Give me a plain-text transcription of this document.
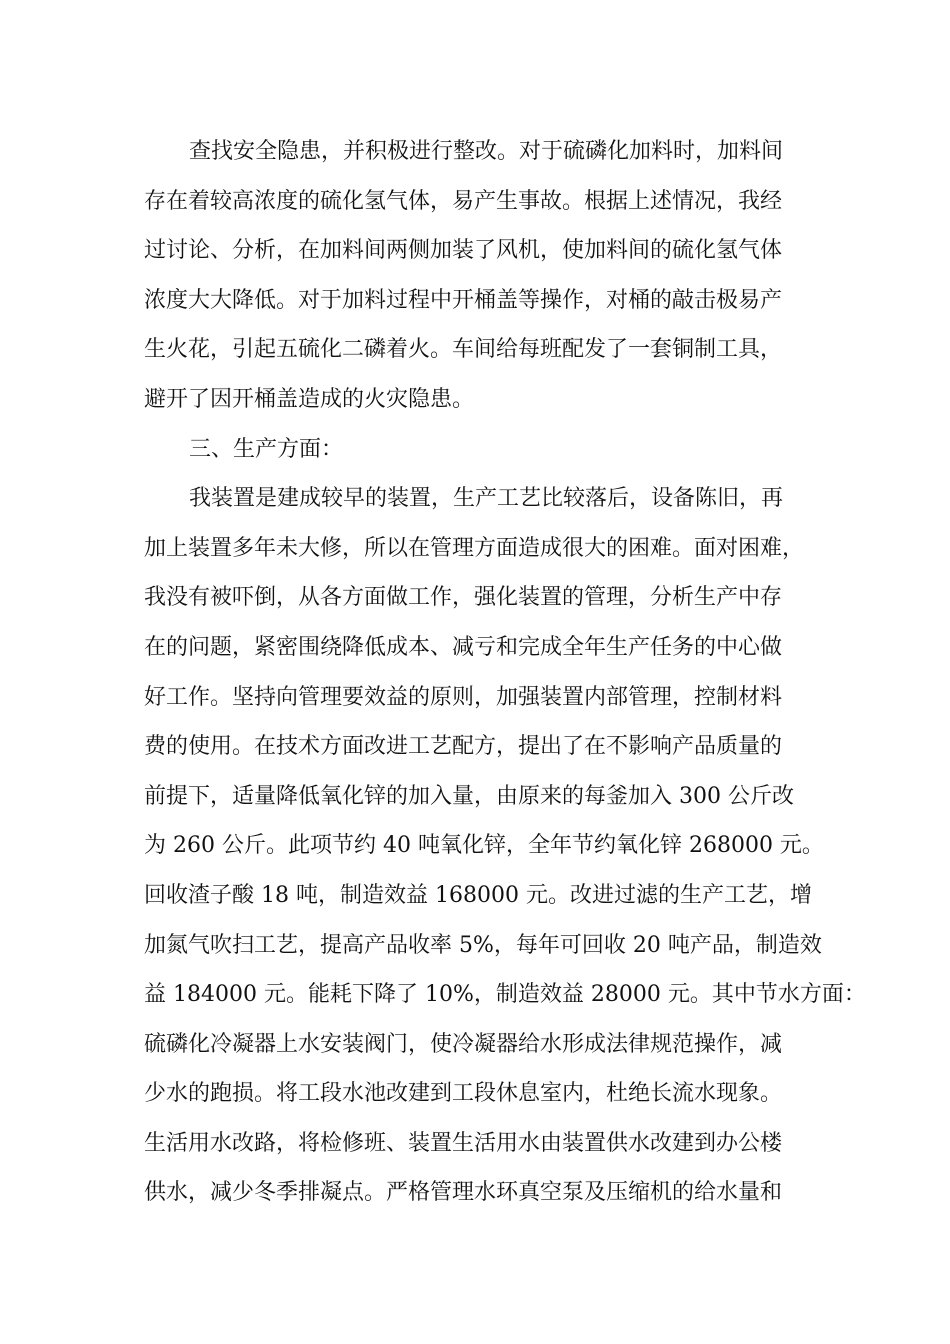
查找安全隐患，并积极进行整改。对于硫磷化加料时，加料间
存在着较高浓度的硫化氢气体，易产生事故。根据上述情况，我经
过讨论、分析，在加料间两侧加装了风机，使加料间的硫化氢气体
浓度大大降低。对于加料过程中开桶盖等操作，对桶的敲击极易产
生火花，引起五硫化二磷着火。车间给每班配发了一套铜制工具，
避开了因开桶盖造成的火灾隐患。
三、生产方面：
我装置是建成较早的装置，生产工艺比较落后，设备陈旧，再
加上装置多年未大修，所以在管理方面造成很大的困难。面对困难，
我没有被吓倒，从各方面做工作，强化装置的管理，分析生产中存
在的问题，紧密围绕降低成本、减亏和完成全年生产任务的中心做
好工作。坚持向管理要效益的原则，加强装置内部管理，控制材料
费的使用。在技术方面改进工艺配方，提出了在不影响产品质量的
前提下，适量降低氧化锌的加入量，由原来的每釜加入 300 公斤改
为 260 公斤。此项节约 40 吨氧化锌，全年节约氧化锌 268000 元。
回收渣子酸 18 吨，制造效益 168000 元。改进过滤的生产工艺，增
加氮气吹扫工艺，提高产品收率 5%，每年可回收 20 吨产品，制造效
益 184000 元。能耗下降了 10%，制造效益 28000 元。其中节水方面：
硫磷化冷凝器上水安装阀门，使冷凝器给水形成法律规范操作，减
少水的跑损。将工段水池改建到工段休息室内，杜绝长流水现象。
生活用水改路，将检修班、装置生活用水由装置供水改建到办公楼
供水，减少冬季排凝点。严格管理水环真空泵及压缩机的给水量和
